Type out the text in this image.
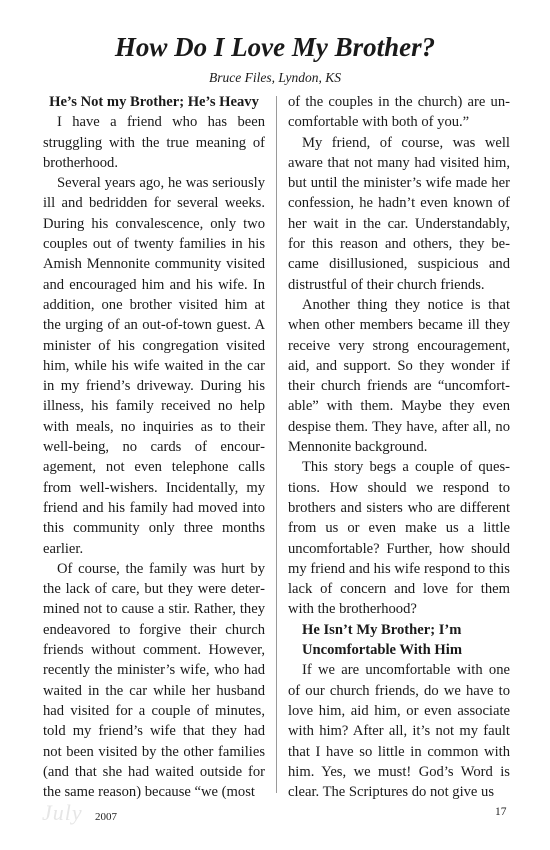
How Do I Love My Brother?
Bruce Files, Lyndon, KS
He’s Not my Brother; He’s Heavy

I have a friend who has been struggling with the true meaning of brotherhood.

Several years ago, he was seriously ill and bedridden for several weeks. During his convalescence, only two couples out of twenty families in his Amish Mennonite community visited and encouraged him and his wife. In addition, one brother visited him at the urging of an out-of-town guest. A minister of his congregation visited him, while his wife waited in the car in my friend’s driveway. During his illness, his family received no help with meals, no inquiries as to their well-being, no cards of encouragement, not even telephone calls from well-wishers. Incidentally, my friend and his family had moved into this community only three months earlier.

Of course, the family was hurt by the lack of care, but they were determined not to cause a stir. Rather, they endeavored to forgive their church friends without comment. However, recently the minister’s wife, who had waited in the car while her husband had visited for a couple of minutes, told my friend’s wife that they had not been visited by the other families (and that she had waited outside for the same reason) because “we (most

of the couples in the church) are uncomfortable with both of you.”

My friend, of course, was well aware that not many had visited him, but until the minister’s wife made her confession, he hadn’t even known of her wait in the car. Understandably, for this reason and others, they became disillusioned, suspicious and distrustful of their church friends.

Another thing they notice is that when other members became ill they receive very strong encouragement, aid, and support. So they wonder if their church friends are “uncomfortable” with them. Maybe they even despise them. They have, after all, no Mennonite background.

This story begs a couple of questions. How should we respond to brothers and sisters who are different from us or even make us a little uncomfortable? Further, how should my friend and his wife respond to this lack of concern and love for them with the brotherhood?

He Isn’t My Brother; I’m Uncomfortable With Him

If we are uncomfortable with one of our church friends, do we have to love him, aid him, or even associate with him? After all, it’s not my fault that I have so little in common with him. Yes, we must! God’s Word is clear. The Scriptures do not give us

July 2007	17
